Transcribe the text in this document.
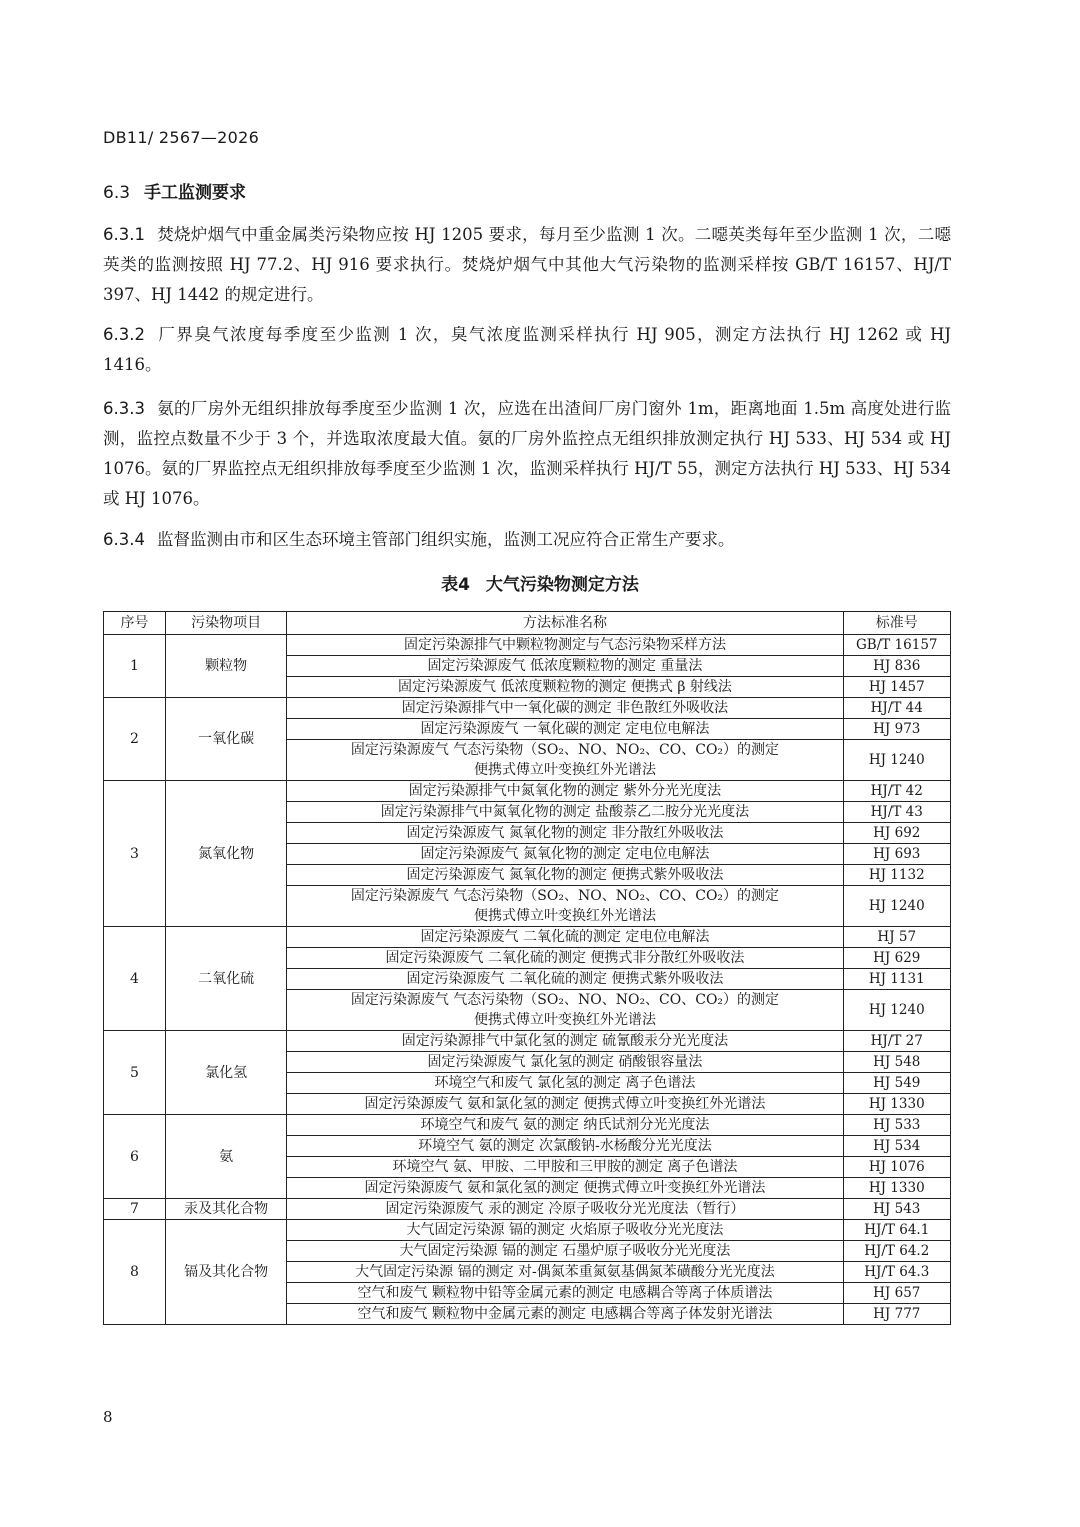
DB11/ 2567—2026
6.3 手工监测要求
6.3.1 焚烧炉烟气中重金属类污染物应按 HJ 1205 要求，每月至少监测 1 次。二噁英类每年至少监测 1 次，二噁英类的监测按照 HJ 77.2、HJ 916 要求执行。焚烧炉烟气中其他大气污染物的监测采样按 GB/T 16157、HJ/T 397、HJ 1442 的规定进行。
6.3.2 厂界臭气浓度每季度至少监测 1 次，臭气浓度监测采样执行 HJ 905，测定方法执行 HJ 1262 或 HJ 1416。
6.3.3 氨的厂房外无组织排放每季度至少监测 1 次，应选在出渣间厂房门窗外 1m，距离地面 1.5m 高度处进行监测，监控点数量不少于 3 个，并选取浓度最大值。氨的厂房外监控点无组织排放测定执行 HJ 533、HJ 534 或 HJ 1076。氨的厂界监控点无组织排放每季度至少监测 1 次，监测采样执行 HJ/T 55，测定方法执行 HJ 533、HJ 534 或 HJ 1076。
6.3.4 监督监测由市和区生态环境主管部门组织实施，监测工况应符合正常生产要求。
表4 大气污染物测定方法
序号	污染物项目	方法标准名称	标准号
1	颗粒物	固定污染源排气中颗粒物测定与气态污染物采样方法	GB/T 16157

		固定污染源废气 低浓度颗粒物的测定 重量法	HJ 836

		固定污染源废气 低浓度颗粒物的测定 便携式 β 射线法	HJ 1457
2	一氧化碳	固定污染源排气中一氧化碳的测定 非色散红外吸收法	HJ/T 44

		固定污染源废气 一氧化碳的测定 定电位电解法	HJ 973

		固定污染源废气 气态污染物（SO₂、NO、NO₂、CO、CO₂）的测定
便携式傅立叶变换红外光谱法	HJ 1240
3	氮氧化物	固定污染源排气中氮氧化物的测定 紫外分光光度法	HJ/T 42

		固定污染源排气中氮氧化物的测定 盐酸萘乙二胺分光光度法	HJ/T 43

		固定污染源废气 氮氧化物的测定 非分散红外吸收法	HJ 692

		固定污染源废气 氮氧化物的测定 定电位电解法	HJ 693

		固定污染源废气 氮氧化物的测定 便携式紫外吸收法	HJ 1132

		固定污染源废气 气态污染物（SO₂、NO、NO₂、CO、CO₂）的测定
便携式傅立叶变换红外光谱法	HJ 1240
4	二氧化硫	固定污染源废气 二氧化硫的测定 定电位电解法	HJ 57

		固定污染源废气 二氧化硫的测定 便携式非分散红外吸收法	HJ 629

		固定污染源废气 二氧化硫的测定 便携式紫外吸收法	HJ 1131

		固定污染源废气 气态污染物（SO₂、NO、NO₂、CO、CO₂）的测定
便携式傅立叶变换红外光谱法	HJ 1240
5	氯化氢	固定污染源排气中氯化氢的测定 硫氰酸汞分光光度法	HJ/T 27

		固定污染源废气 氯化氢的测定 硝酸银容量法	HJ 548

		环境空气和废气 氯化氢的测定 离子色谱法	HJ 549

		固定污染源废气 氨和氯化氢的测定 便携式傅立叶变换红外光谱法	HJ 1330
6	氨	环境空气和废气 氨的测定 纳氏试剂分光光度法	HJ 533

		环境空气 氨的测定 次氯酸钠-水杨酸分光光度法	HJ 534

		环境空气 氨、甲胺、二甲胺和三甲胺的测定 离子色谱法	HJ 1076

		固定污染源废气 氨和氯化氢的测定 便携式傅立叶变换红外光谱法	HJ 1330
7	汞及其化合物	固定污染源废气 汞的测定 冷原子吸收分光光度法（暂行）	HJ 543
8	镉及其化合物	大气固定污染源 镉的测定 火焰原子吸收分光光度法	HJ/T 64.1

		大气固定污染源 镉的测定 石墨炉原子吸收分光光度法	HJ/T 64.2

		大气固定污染源 镉的测定 对-偶氮苯重氮氨基偶氮苯磺酸分光光度法	HJ/T 64.3

		空气和废气 颗粒物中铅等金属元素的测定 电感耦合等离子体质谱法	HJ 657

		空气和废气 颗粒物中金属元素的测定 电感耦合等离子体发射光谱法	HJ 777
8
